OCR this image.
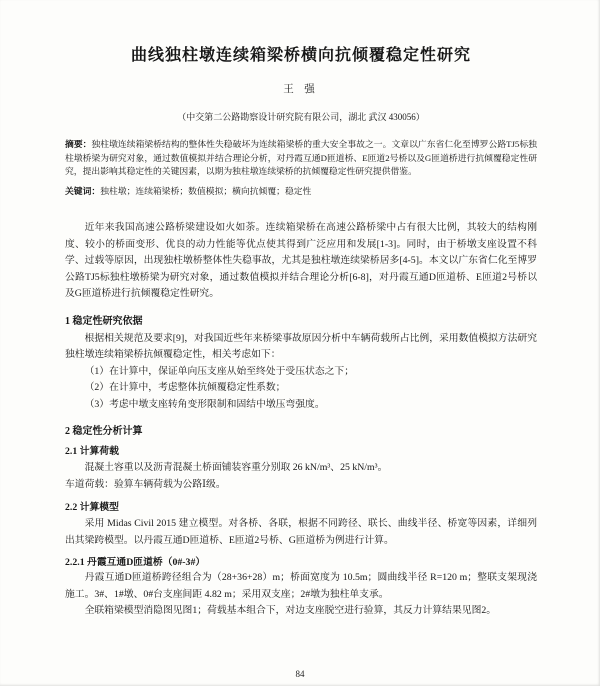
曲线独柱墩连续箱梁桥横向抗倾覆稳定性研究
王 强
（中交第二公路勘察设计研究院有限公司，湖北 武汉 430056）

摘要：独柱墩连续箱梁桥结构的整体性失稳破坏为连续箱梁桥的重大安全事故之一。文章以广东省仁化至博罗公路TJ5标独柱墩桥梁为研究对象，通过数值模拟并结合理论分析，对丹霞互通D匝道桥、E匝道2号桥以及G匝道桥进行抗倾覆稳定性研究，提出影响其稳定性的关键因素，以期为独柱墩连续梁桥的抗倾覆稳定性研究提供借鉴。

关键词：独柱墩；连续箱梁桥；数值模拟；横向抗倾覆；稳定性

近年来我国高速公路桥梁建设如火如荼。连续箱梁桥在高速公路桥梁中占有很大比例，其较大的结构刚度、较小的桥面变形、优良的动力性能等优点使其得到广泛应用和发展[1-3]。同时，由于桥墩支座设置不科学、过载等原因，出现独柱墩桥整体性失稳事故，尤其是独柱墩连续梁桥居多[4-5]。本文以广东省仁化至博罗公路TJ5标独柱墩桥梁为研究对象，通过数值模拟并结合理论分析[6-8]，对丹霞互通D匝道桥、E匝道2号桥以及G匝道桥进行抗倾覆稳定性研究。

1 稳定性研究依据

根据相关规范及要求[9]，对我国近些年来桥梁事故原因分析中车辆荷载所占比例，采用数值模拟方法研究独柱墩连续箱梁桥抗倾覆稳定性，相关考虑如下：

（1）在计算中，保证单向压支座从始至终处于受压状态之下；

（2）在计算中，考虑整体抗倾覆稳定性系数；

（3）考虑中墩支座转角变形限制和固结中墩压弯强度。

2 稳定性分析计算
2.1 计算荷载

混凝土容重以及沥青混凝土桥面铺装容重分别取 26 kN/m³、25 kN/m³。

车道荷载：验算车辆荷载为公路Ⅰ级。

2.2 计算模型

采用 Midas Civil 2015 建立模型。对各桥、各联，根据不同跨径、联长、曲线半径、桥宽等因素，详细列出其梁跨模型。以丹霞互通D匝道桥、E匝道2号桥、G匝道桥为例进行计算。

2.2.1 丹霞互通D匝道桥（0#-3#）

丹霞互通D匝道桥跨径组合为（28+36+28）m；桥面宽度为 10.5m；圆曲线半径 R=120 m；整联支架现浇施工。3#、1#墩、0#台支座间距 4.82 m；采用双支座；2#墩为独柱单支承。

全联箱梁模型消隐图见图1；荷载基本组合下，对边支座脱空进行验算，其反力计算结果见图2。

84
